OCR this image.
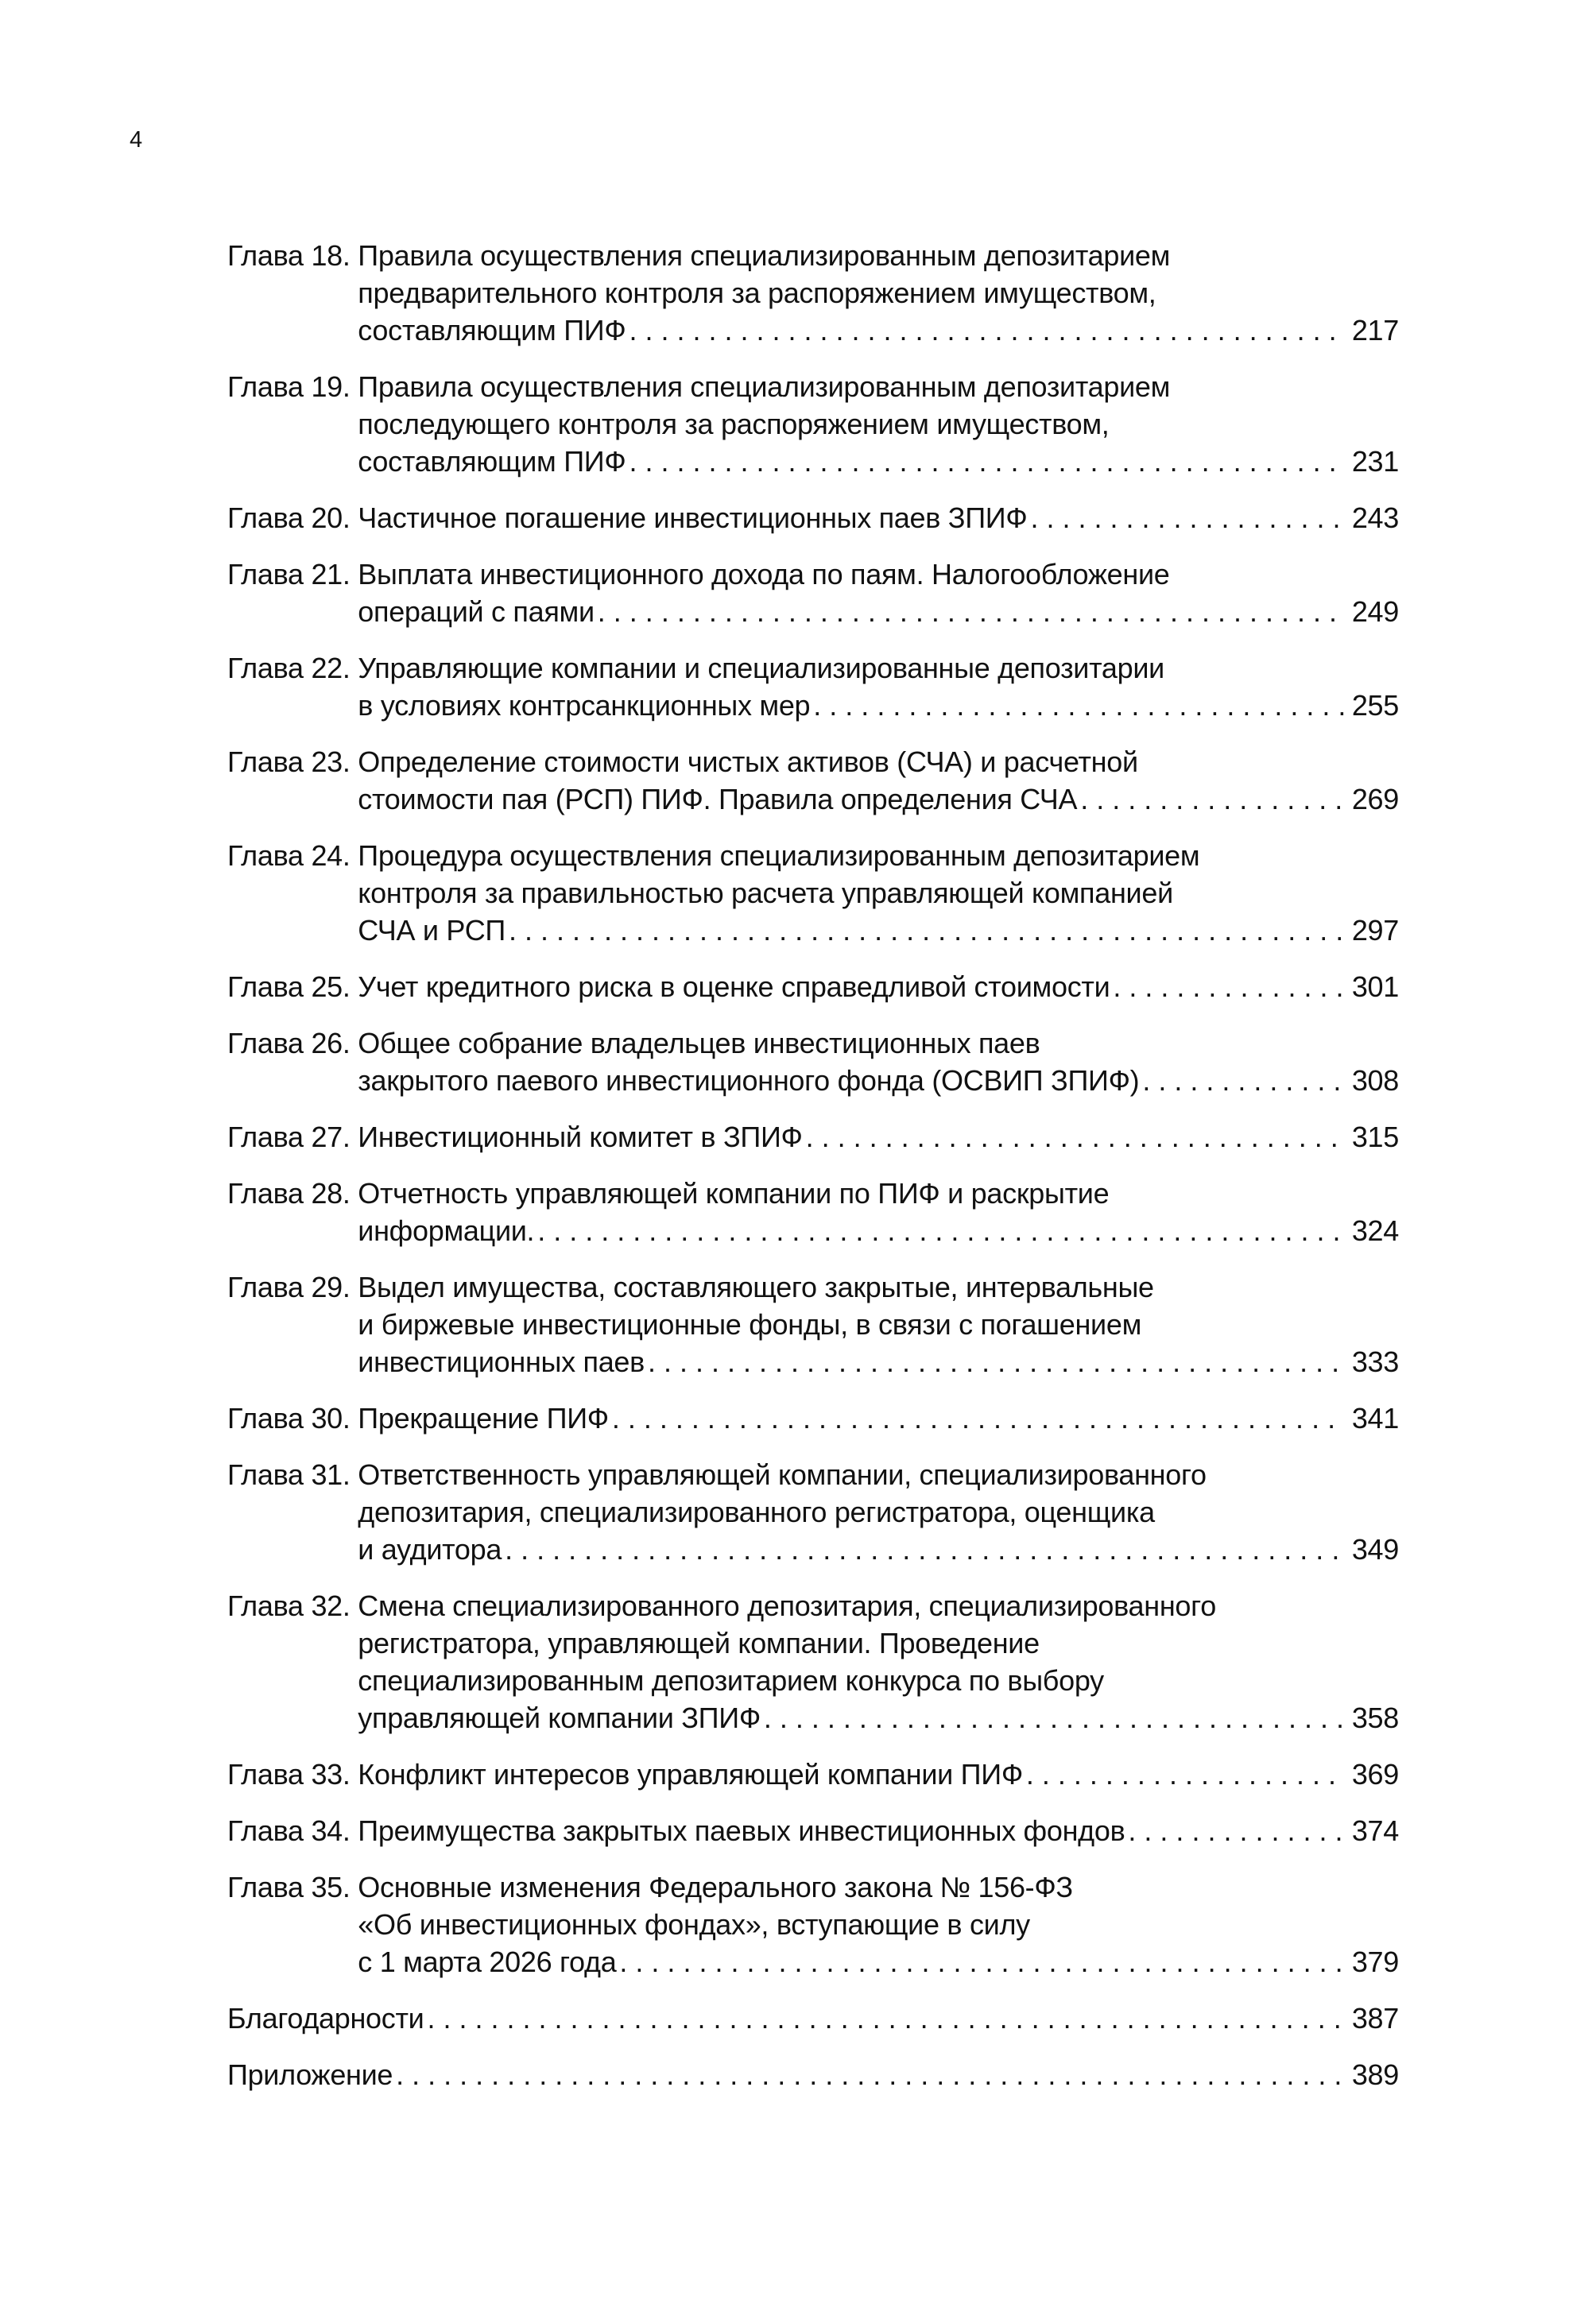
4
Глава 18. Правила осуществления специализированным депозитарием
предварительного контроля за распоряжением имуществом,
составляющим ПИФ . . .	217
Глава 19. Правила осуществления специализированным депозитарием
последующего контроля за распоряжением имуществом,
составляющим ПИФ . . .	231
Глава 20. Частичное погашение инвестиционных паев ЗПИФ . . .	243
Глава 21. Выплата инвестиционного дохода по паям. Налогообложение
операций с паями . . .	249
Глава 22. Управляющие компании и специализированные депозитарии
в условиях контрсанкционных мер . . .	255
Глава 23. Определение стоимости чистых активов (СЧА) и расчетной
стоимости пая (РСП) ПИФ. Правила определения СЧА . . .	269
Глава 24. Процедура осуществления специализированным депозитарием
контроля за правильностью расчета управляющей компанией
СЧА и РСП . . .	297
Глава 25. Учет кредитного риска в оценке справедливой стоимости . . .	301
Глава 26. Общее собрание владельцев инвестиционных паев
закрытого паевого инвестиционного фонда (ОСВИП ЗПИФ) . . .	308
Глава 27. Инвестиционный комитет в ЗПИФ . . .	315
Глава 28. Отчетность управляющей компании по ПИФ и раскрытие
информации. . . .	324
Глава 29. Выдел имущества, составляющего закрытые, интервальные
и биржевые инвестиционные фонды, в связи с погашением
инвестиционных паев . . .	333
Глава 30. Прекращение ПИФ . . .	341
Глава 31. Ответственность управляющей компании, специализированного
депозитария, специализированного регистратора, оценщика
и аудитора . . .	349
Глава 32. Смена специализированного депозитария, специализированного
регистратора, управляющей компании. Проведение
специализированным депозитарием конкурса по выбору
управляющей компании ЗПИФ . . .	358
Глава 33. Конфликт интересов управляющей компании ПИФ . . .	369
Глава 34. Преимущества закрытых паевых инвестиционных фондов . . .	374
Глава 35. Основные изменения Федерального закона № 156-ФЗ
«Об инвестиционных фондах», вступающие в силу
с 1 марта 2026 года . . .	379
Благодарности . . .	387
Приложение . . .	389
